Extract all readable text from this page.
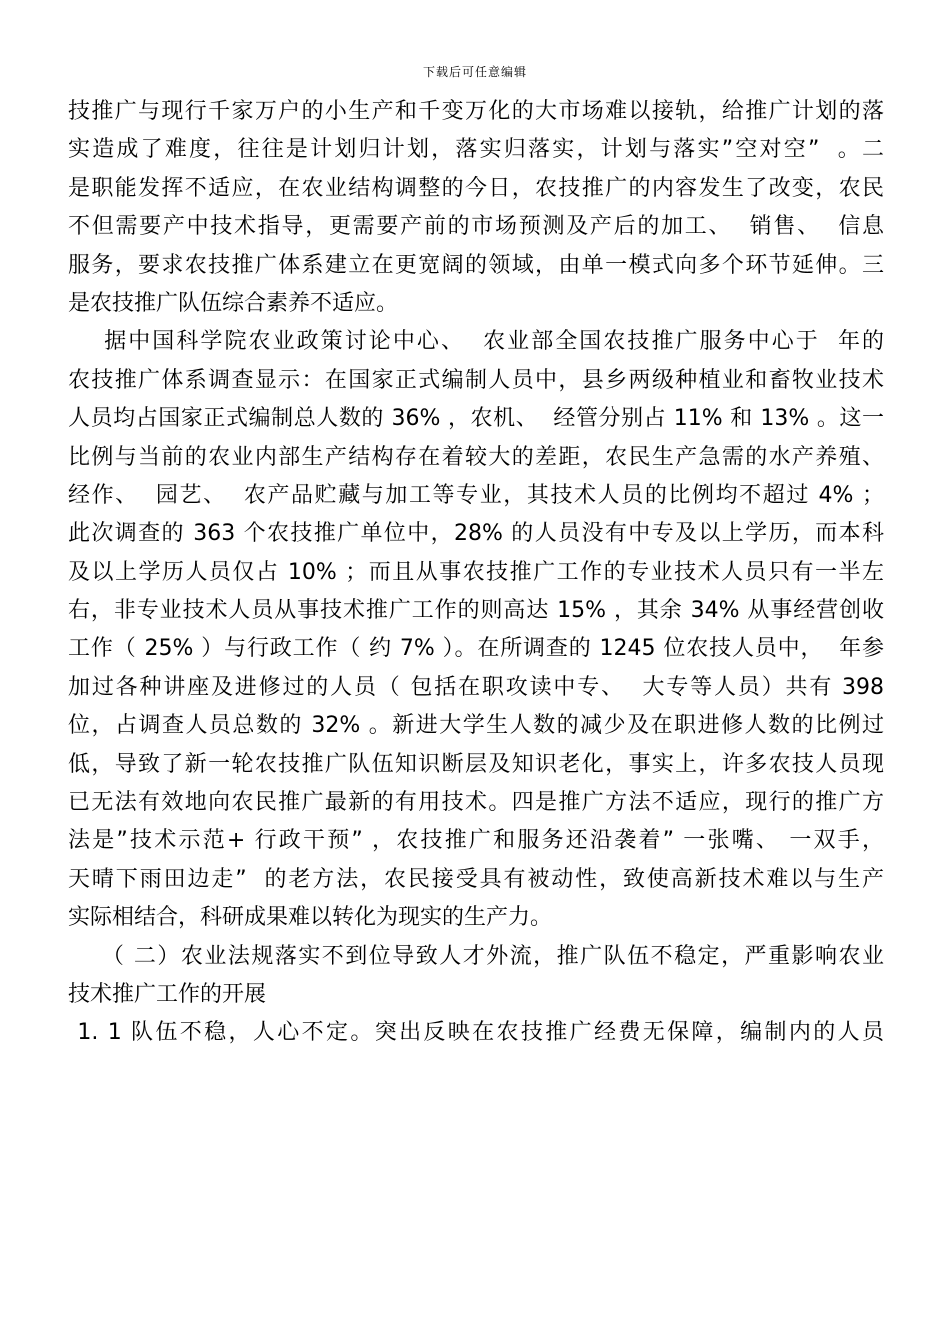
下载后可任意编辑
技推广与现行千家万户的小生产和千变万化的大市场难以接轨，给推广计划的落
实造成了难度，往往是计划归计划，落实归落实，计划与落实”空对空”  。二
是职能发挥不适应，在农业结构调整的今日，农技推广的内容发生了改变，农民
不但需要产中技术指导，更需要产前的市场预测及产后的加工、  销售、  信息
服务，要求农技推广体系建立在更宽阔的领域，由单一模式向多个环节延伸。三
是农技推广队伍综合素养不适应。
据中国科学院农业政策讨论中心、  农业部全国农技推广服务中心于  年的
农技推广体系调查显示：在国家正式编制人员中，县乡两级种植业和畜牧业技术
人员均占国家正式编制总人数的 36% ，农机、  经管分别占 11% 和 13% 。这一
比例与当前的农业内部生产结构存在着较大的差距，农民生产急需的水产养殖、
经作、  园艺、  农产品贮藏与加工等专业，其技术人员的比例均不超过 4% ；
此次调查的 363 个农技推广单位中，28% 的人员没有中专及以上学历，而本科
及以上学历人员仅占 10% ；而且从事农技推广工作的专业技术人员只有一半左
右，非专业技术人员从事技术推广工作的则高达 15% ，其余 34% 从事经营创收
工作（ 25% ）与行政工作（ 约 7% ）。在所调查的 1245 位农技人员中，  年参
加过各种讲座及进修过的人员（ 包括在职攻读中专、  大专等人员）共有 398
位，占调查人员总数的 32% 。新进大学生人数的减少及在职进修人数的比例过
低，导致了新一轮农技推广队伍知识断层及知识老化，事实上，许多农技人员现
已无法有效地向农民推广最新的有用技术。四是推广方法不适应，现行的推广方
法是”技术示范+ 行政干预” ，农技推广和服务还沿袭着” 一张嘴、 一双手，
天晴下雨田边走”  的老方法，农民接受具有被动性，致使高新技术难以与生产
实际相结合，科研成果难以转化为现实的生产力。
（ 二）农业法规落实不到位导致人才外流，推广队伍不稳定，严重影响农业
技术推广工作的开展
1. 1 队伍不稳，人心不定。突出反映在农技推广经费无保障，编制内的人员
